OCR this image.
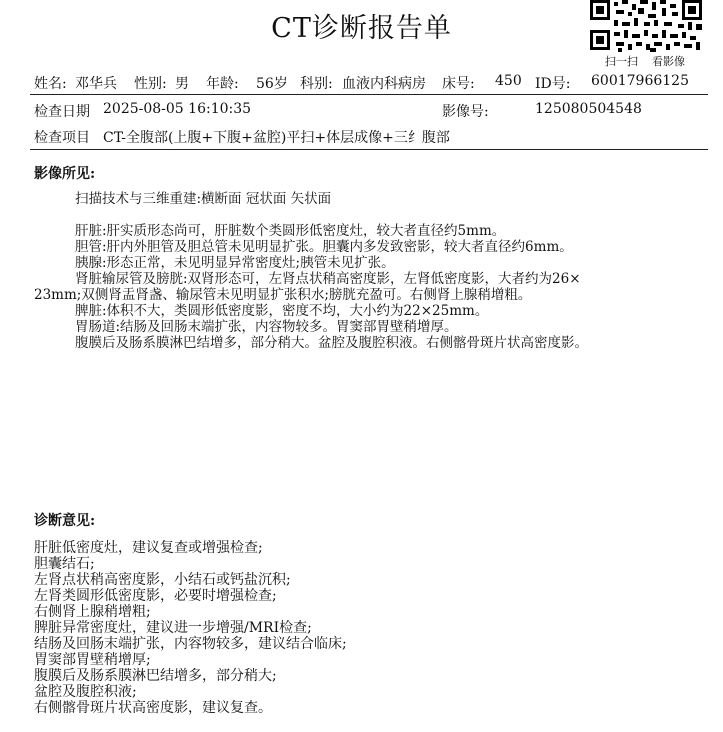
CT诊断报告单
扫一扫 看影像
姓名: 邓华兵 性别: 男 年龄: 56岁 科别: 血液内科病房 床号: 450 ID号: 60017966125
检查日期 2025-08-05 16:10:35	影像号:	125080504548
检查项目 CT-全腹部(上腹+下腹+盆腔)平扫+体层成像+三纟腹部
影像所见:
扫描技术与三维重建:横断面 冠状面 矢状面
肝脏:肝实质形态尚可，肝脏数个类圆形低密度灶，较大者直径约5mm。
胆管:肝内外胆管及胆总管未见明显扩张。胆囊内多发致密影，较大者直径约6mm。
胰腺:形态正常，未见明显异常密度灶;胰管未见扩张。
肾脏输尿管及膀胱:双肾形态可，左肾点状稍高密度影，左肾低密度影，大者约为26×
23mm;双侧肾盂肾盏、输尿管未见明显扩张积水;膀胱充盈可。右侧肾上腺稍增粗。
脾脏:体积不大，类圆形低密度影，密度不均，大小约为22×25mm。
胃肠道:结肠及回肠末端扩张，内容物较多。胃窦部胃壁稍增厚。
腹膜后及肠系膜淋巴结增多，部分稍大。盆腔及腹腔积液。右侧髂骨斑片状高密度影。
诊断意见:
肝脏低密度灶，建议复查或增强检查;
胆囊结石;
左肾点状稍高密度影，小结石或钙盐沉积;
左肾类圆形低密度影，必要时增强检查;
右侧肾上腺稍增粗;
脾脏异常密度灶，建议进一步增强/MRI检查;
结肠及回肠末端扩张，内容物较多，建议结合临床;
胃窦部胃壁稍增厚;
腹膜后及肠系膜淋巴结增多，部分稍大;
盆腔及腹腔积液;
右侧髂骨斑片状高密度影，建议复查。
